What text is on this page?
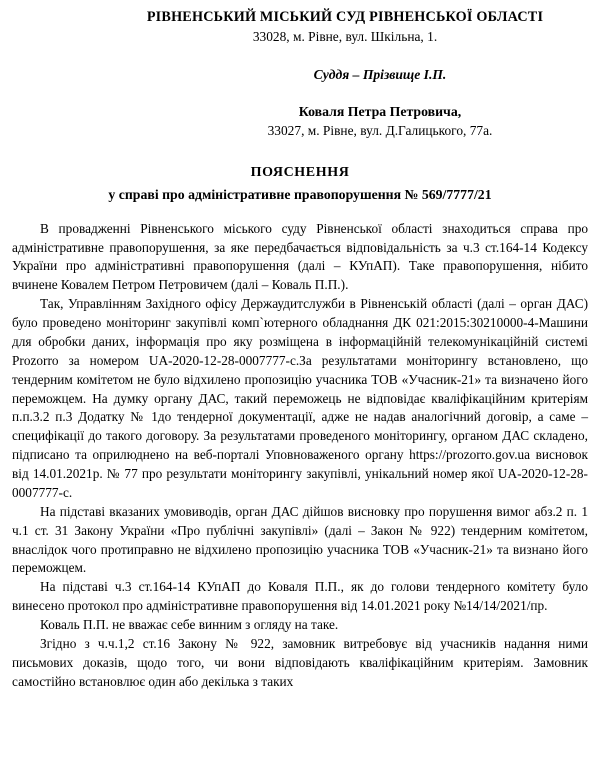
РІВНЕНСЬКИЙ МІСЬКИЙ СУД РІВНЕНСЬКОЇ ОБЛАСТІ
33028, м. Рівне, вул. Шкільна, 1.
Суддя – Прізвище І.П.
Коваля Петра Петровича,
33027, м. Рівне, вул. Д.Галицького, 77а.
ПОЯСНЕННЯ
у справі про адміністративне правопорушення № 569/7777/21

В провадженні Рівненського міського суду Рівненської області знаходиться справа про адміністративне правопорушення, за яке передбачається відповідальність за ч.3 ст.164-14 Кодексу України про адміністративні правопорушення (далі – КУпАП). Таке правопорушення, нібито вчинене Ковалем Петром Петровичем (далі – Коваль П.П.).

Так, Управлінням Західного офісу Держаудитслужби в Рівненській області (далі – орган ДАС) було проведено моніторинг закупівлі комп`ютерного обладнання ДК 021:2015:30210000-4-Машини для обробки даних, інформація про яку розміщена в інформаційній телекомунікаційній системі Prozorro за номером UA-2020-12-28-0007777-с.За результатами моніторингу встановлено, що тендерним комітетом не було відхилено пропозицію учасника ТОВ «Учасник-21» та визначено його переможцем. На думку органу ДАС, такий переможець не відповідає кваліфікаційним критеріям п.п.3.2 п.3 Додатку № 1до тендерної документації, адже не надав аналогічний договір, а саме – специфікації до такого договору. За результатами проведеного моніторингу, органом ДАС складено, підписано та оприлюднено на веб-порталі Уповноваженого органу https://prozorro.gov.ua висновок від 14.01.2021р. № 77 про результати моніторингу закупівлі, унікальний номер якої UA-2020-12-28-0007777-с.

На підставі вказаних умовиводів, орган ДАС дійшов висновку про порушення вимог абз.2 п. 1 ч.1 ст. 31 Закону України «Про публічні закупівлі» (далі – Закон № 922) тендерним комітетом, внаслідок чого протиправно не відхилено пропозицію учасника ТОВ «Учасник-21» та визнано його переможцем.

На підставі ч.3 ст.164-14 КУпАП до Коваля П.П., як до голови тендерного комітету було винесено протокол про адміністративне правопорушення від 14.01.2021 року №14/14/2021/пр.

Коваль П.П. не вважає себе винним з огляду на таке.

Згідно з ч.ч.1,2 ст.16 Закону № 922, замовник витребовує від учасників надання ними письмових доказів, щодо того, чи вони відповідають кваліфікаційним критеріям. Замовник самостійно встановлює один або декілька з таких
